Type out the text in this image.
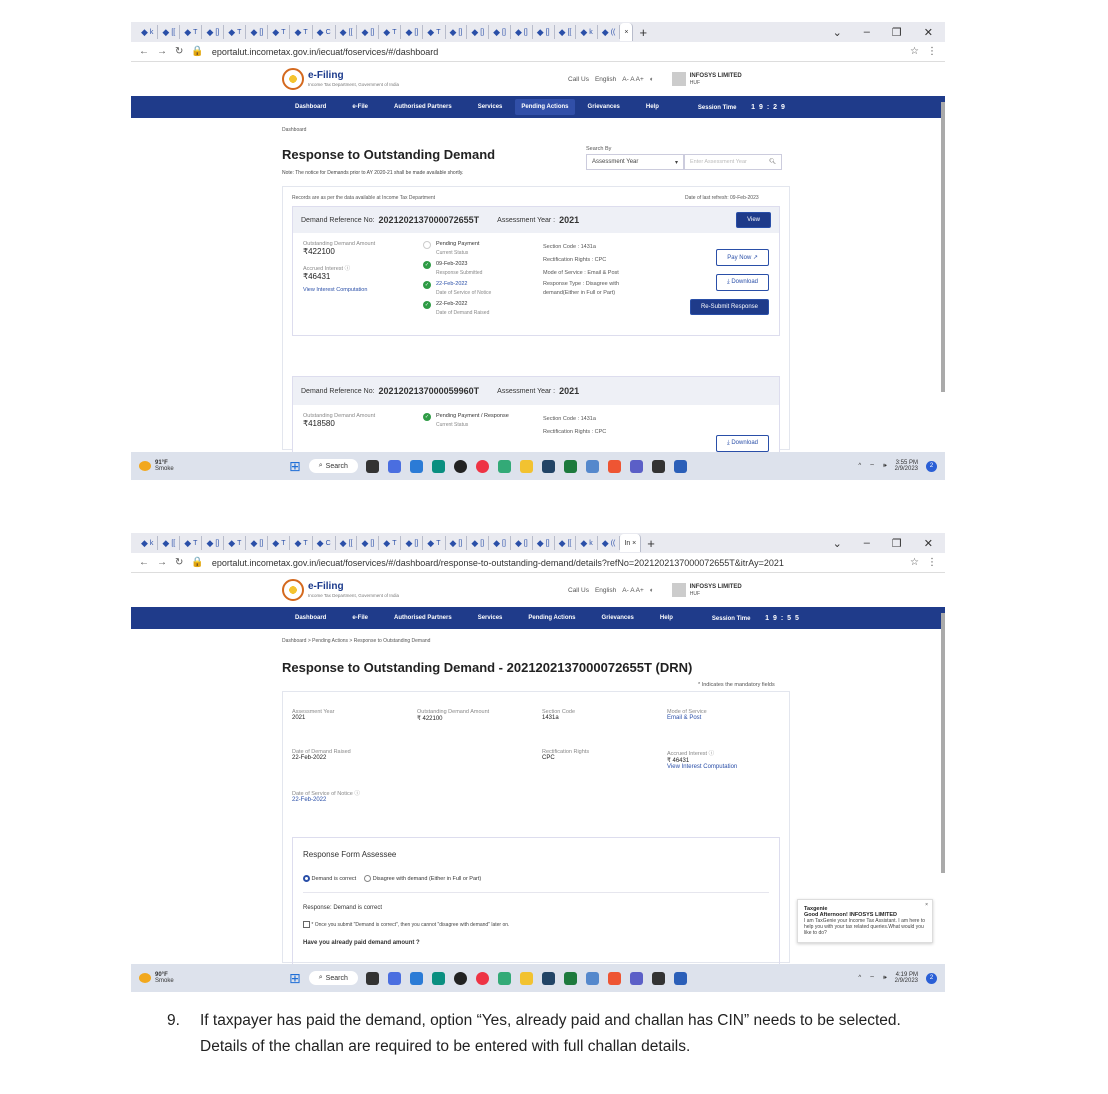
◆ k ◆ [[ ◆ T ◆ [] ◆ T ◆ [] ◆ T ◆ T ◆ C ◆ [[ ◆ [] ◆ T ◆ [] ◆ T ◆ [] ◆ [] ◆ [] ◆ [] ◆ [] ◆ [[ ◆ k ◆ ((	× +	⌄ – ❐ ✕
← → ↻ 🔒 eportalut.incometax.gov.in/iecuat/foservices/#/dashboard	☆ ⋮
e-Filing
Income Tax Department, Government of India
Call Us English A- A A+ ◐	INFOSYS LIMITED
HUF
Dashboard	e-File	Authorised Partners	Services	Pending Actions	Grievances	Help	Session Time 1 9 : 2 9
Dashboard
Search By
Assessment Year	▾	Enter Assessment Year	🔍︎
Response to Outstanding Demand
Note: The notice for Demands prior to AY 2020-21 shall be made available shortly.
Records are as per the data available at Income Tax Department	Date of last refresh: 09-Feb-2023
Demand Reference No: 2021202137000072655T	Assessment Year : 2021	View
Outstanding Demand Amount
₹422100
Accrued Interest ⓘ
₹46431
View Interest Computation
Pending Payment
Current Status
✓	09-Feb-2023
Response Submitted
✓	22-Feb-2022
Date of Service of Notice
✓	22-Feb-2022
Date of Demand Raised
Section Code : 1431a
Rectification Rights : CPC
Mode of Service : Email & Post
Response Type : Disagree with demand(Either in Full or Part)
Pay Now ↗
⤓ Download
Re-Submit Response
Demand Reference No: 2021202137000059960T	Assessment Year : 2021
Outstanding Demand Amount
₹418580
✓	Pending Payment / Response
Current Status
Section Code : 1431a
Rectification Rights : CPC
⤓ Download
91°F
Smoke	⊞	⌕ Search	^ ⌔ 🕪 3:55 PM
2/9/2023
2
◆ k ◆ [[ ◆ T ◆ [] ◆ T ◆ [] ◆ T ◆ T ◆ C ◆ [[ ◆ [] ◆ T ◆ [] ◆ T ◆ [] ◆ [] ◆ [] ◆ [] ◆ [] ◆ [[ ◆ k ◆ ((	In × +	⌄ – ❐ ✕
← → ↻ 🔒 eportalut.incometax.gov.in/iecuat/foservices/#/dashboard/response-to-outstanding-demand/details?refNo=2021202137000072655T&itrAy=2021	☆ ⋮
e-Filing
Income Tax Department, Government of India
Call Us English A- A A+ ◐	INFOSYS LIMITED
HUF
Dashboard	e-File	Authorised Partners	Services	Pending Actions	Grievances	Help	Session Time 1 9 : 5 5
Dashboard > Pending Actions > Response to Outstanding Demand
Response to Outstanding Demand - 2021202137000072655T (DRN)
* Indicates the mandatory fields
Assessment Year
2021
Outstanding Demand Amount
₹ 422100
Section Code
1431a
Mode of Service
Email & Post
Date of Demand Raised
22-Feb-2022
Rectification Rights
CPC
Accrued Interest ⓘ
₹ 46431
View Interest Computation
Date of Service of Notice ⓘ
22-Feb-2022
Response Form Assessee
Demand is correct	Disagree with demand (Either in Full or Part)
Response: Demand is correct
* Once you submit "Demand is correct", then you cannot "disagree with demand" later on.
Have you already paid demand amount ?
×
Taxgenie
Good Afternoon! INFOSYS LIMITED
I am TaxGenie your Income Tax Assistant. I am here to help you with your tax related queries.What would you like to do?
90°F
Smoke	⊞	⌕ Search	^ ⌔ 🕪 4:19 PM
2/9/2023
2
9.	If taxpayer has paid the demand, option “Yes, already paid and challan has CIN” needs to be selected. Details of the challan are required to be entered with full challan details.
